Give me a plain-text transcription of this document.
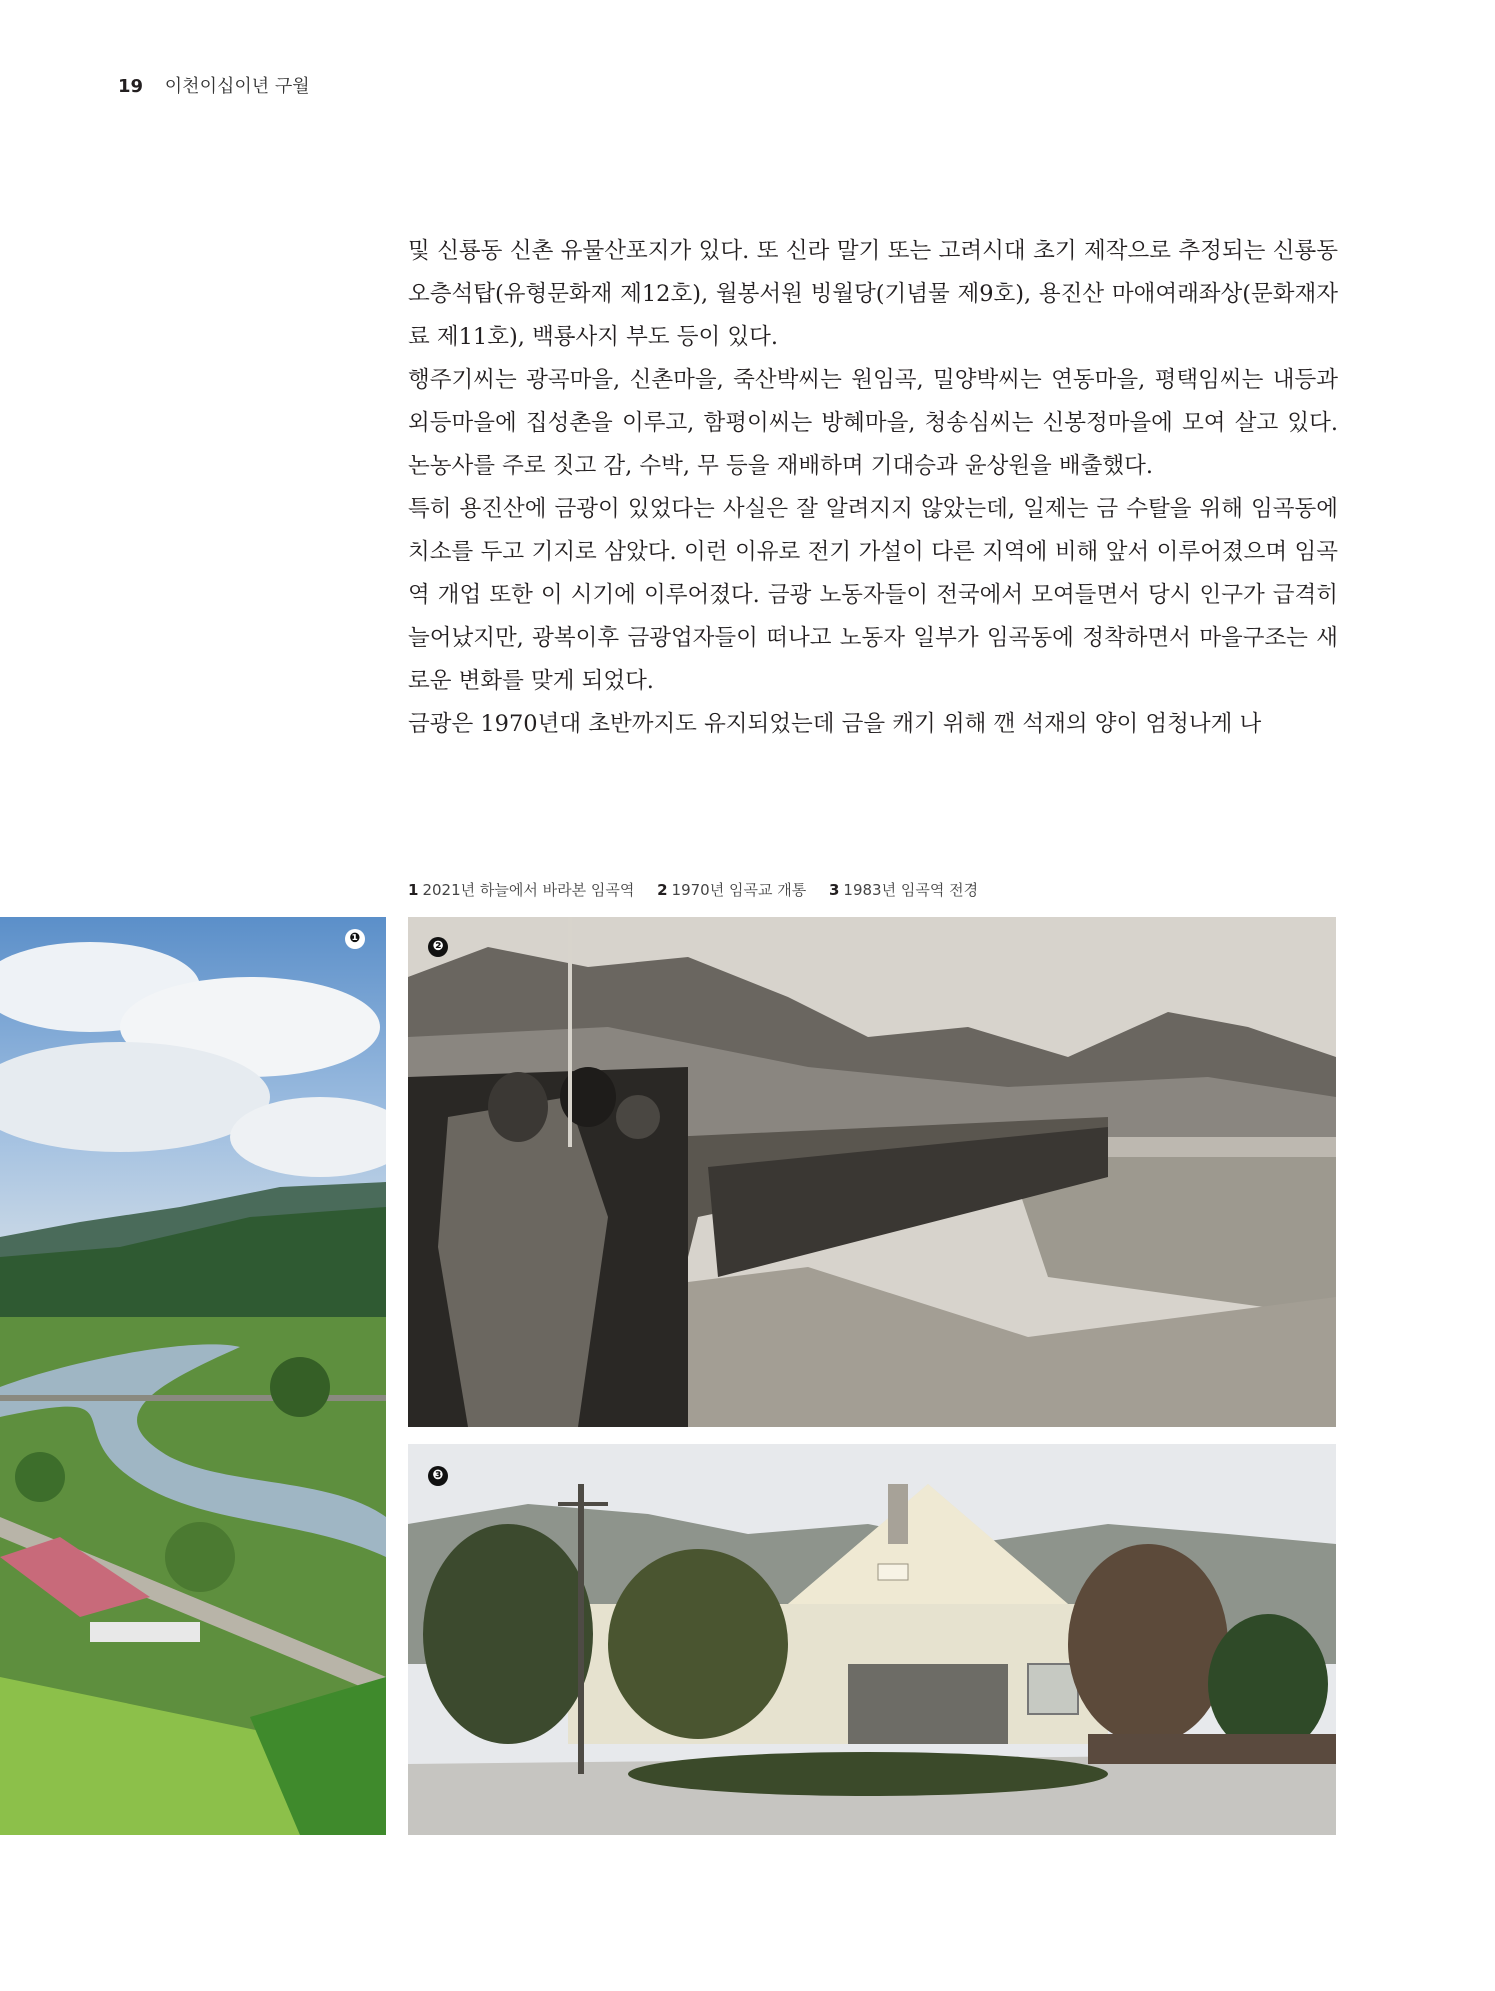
19 이천이십이년 구월

및 신룡동 신촌 유물산포지가 있다. 또 신라 말기 또는 고려시대 초기 제작으로 추정되는 신룡동오층석탑(유형문화재 제12호), 월봉서원 빙월당(기념물 제9호), 용진산 마애여래좌상(문화재자료 제11호), 백룡사지 부도 등이 있다.

행주기씨는 광곡마을, 신촌마을, 죽산박씨는 원임곡, 밀양박씨는 연동마을, 평택임씨는 내등과 외등마을에 집성촌을 이루고, 함평이씨는 방혜마을, 청송심씨는 신봉정마을에 모여 살고 있다. 논농사를 주로 짓고 감, 수박, 무 등을 재배하며 기대승과 윤상원을 배출했다.

특히 용진산에 금광이 있었다는 사실은 잘 알려지지 않았는데, 일제는 금 수탈을 위해 임곡동에 치소를 두고 기지로 삼았다. 이런 이유로 전기 가설이 다른 지역에 비해 앞서 이루어졌으며 임곡역 개업 또한 이 시기에 이루어졌다. 금광 노동자들이 전국에서 모여들면서 당시 인구가 급격히 늘어났지만, 광복이후 금광업자들이 떠나고 노동자 일부가 임곡동에 정착하면서 마을구조는 새로운 변화를 맞게 되었다.

금광은 1970년대 초반까지도 유지되었는데 금을 캐기 위해 깬 석재의 양이 엄청나게 나

1 2021년 하늘에서 바라본 임곡역 2 1970년 임곡교 개통 3 1983년 임곡역 전경
❶
❷
❸
